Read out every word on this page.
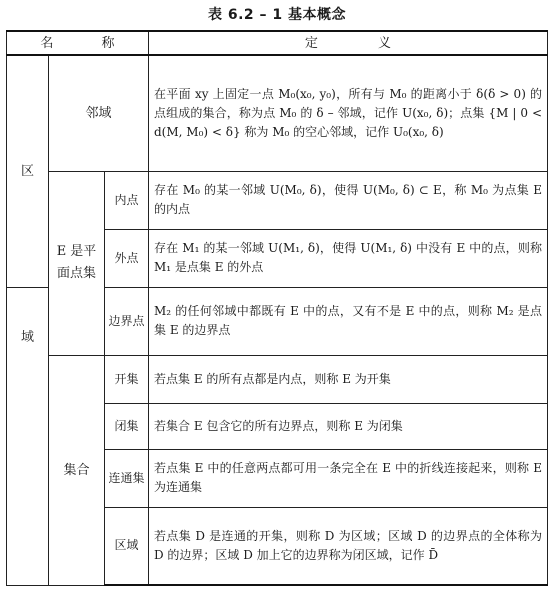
表 6.2 – 1 基本概念
名 称			定 义
区	邻域		在平面 xy 上固定一点 M₀(x₀, y₀)，所有与 M₀ 的距离小于 δ(δ > 0) 的点组成的集合，称为点 M₀ 的 δ – 邻域，记作 U(x₀, δ)；点集 {M | 0 < d(M, M₀) < δ} 称为 M₀ 的空心邻域，记作 U₀(x₀, δ)
	E 是平面点集	内点	存在 M₀ 的某一邻域 U(M₀, δ)，使得 U(M₀, δ) ⊂ E，称 M₀ 为点集 E 的内点
		外点	存在 M₁ 的某一邻域 U(M₁, δ)，使得 U(M₁, δ) 中没有 E 中的点，则称 M₁ 是点集 E 的外点
域		边界点	M₂ 的任何邻域中都既有 E 中的点，又有不是 E 中的点，则称 M₂ 是点集 E 的边界点
	集合	开集	若点集 E 的所有点都是内点，则称 E 为开集
		闭集	若集合 E 包含它的所有边界点，则称 E 为闭集
		连通集	若点集 E 中的任意两点都可用一条完全在 E 中的折线连接起来，则称 E 为连通集
		区域	若点集 D 是连通的开集，则称 D 为区域；区域 D 的边界点的全体称为 D 的边界；区域 D 加上它的边界称为闭区域，记作 D̄
